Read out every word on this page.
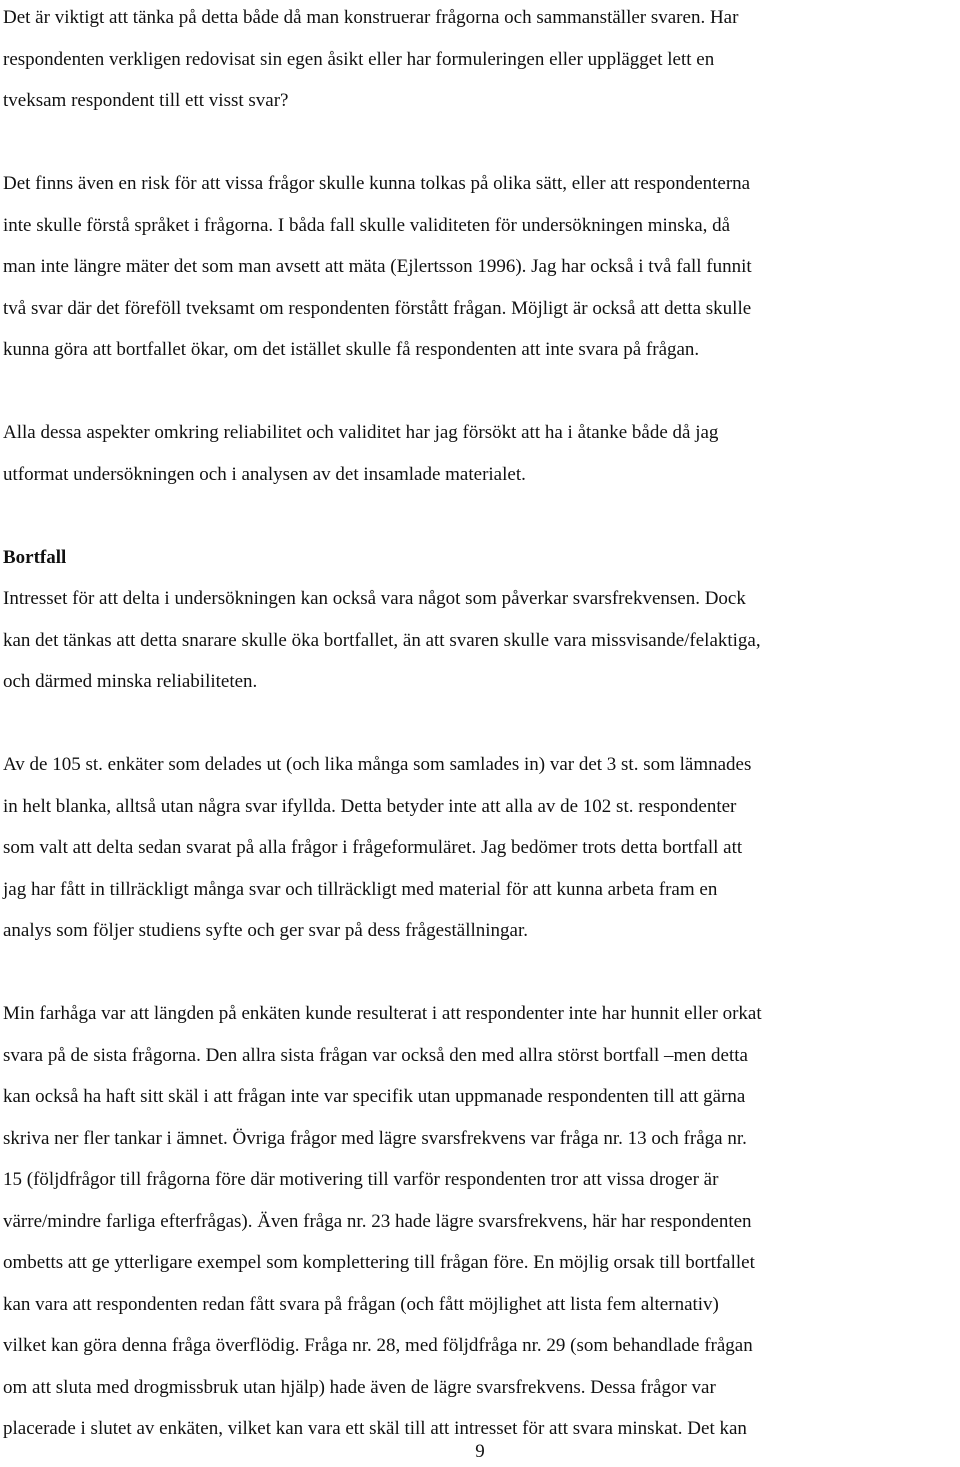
Det är viktigt att tänka på detta både då man konstruerar frågorna och sammanställer svaren. Har
respondenten verkligen redovisat sin egen åsikt eller har formuleringen eller upplägget lett en
tveksam respondent till ett visst svar?
Det finns även en risk för att vissa frågor skulle kunna tolkas på olika sätt, eller att respondenterna
inte skulle förstå språket i frågorna. I båda fall skulle validiteten för undersökningen minska, då
man inte längre mäter det som man avsett att mäta (Ejlertsson 1996). Jag har också i två fall funnit
två svar där det föreföll tveksamt om respondenten förstått frågan. Möjligt är också att detta skulle
kunna göra att bortfallet ökar, om det istället skulle få respondenten att inte svara på frågan.
Alla dessa aspekter omkring reliabilitet och validitet har jag försökt att ha i åtanke både då jag
utformat undersökningen och i analysen av det insamlade materialet.
Bortfall
Intresset för att delta i undersökningen kan också vara något som påverkar svarsfrekvensen. Dock
kan det tänkas att detta snarare skulle öka bortfallet, än att svaren skulle vara missvisande/felaktiga,
och därmed minska reliabiliteten.
Av de 105 st. enkäter som delades ut (och lika många som samlades in) var det 3 st. som lämnades
in helt blanka, alltså utan några svar ifyllda. Detta betyder inte att alla av de 102 st. respondenter
som valt att delta sedan svarat på alla frågor i frågeformuläret. Jag bedömer trots detta bortfall att
jag har fått in tillräckligt många svar och tillräckligt med material för att kunna arbeta fram en
analys som följer studiens syfte och ger svar på dess frågeställningar.
Min farhåga var att längden på enkäten kunde resulterat i att respondenter inte har hunnit eller orkat
svara på de sista frågorna. Den allra sista frågan var också den med allra störst bortfall –men detta
kan också ha haft sitt skäl i att frågan inte var specifik utan uppmanade respondenten till att gärna
skriva ner fler tankar i ämnet. Övriga frågor med lägre svarsfrekvens var fråga nr. 13 och fråga nr.
15 (följdfrågor till frågorna före där motivering till varför respondenten tror att vissa droger är
värre/mindre farliga efterfrågas). Även fråga nr. 23 hade lägre svarsfrekvens, här har respondenten
ombetts att ge ytterligare exempel som komplettering till frågan före. En möjlig orsak till bortfallet
kan vara att respondenten redan fått svara på frågan (och fått möjlighet att lista fem alternativ)
vilket kan göra denna fråga överflödig. Fråga nr. 28, med följdfråga nr. 29 (som behandlade frågan
om att sluta med drogmissbruk utan hjälp) hade även de lägre svarsfrekvens. Dessa frågor var
placerade i slutet av enkäten, vilket kan vara ett skäl till att intresset för att svara minskat. Det kan
9
